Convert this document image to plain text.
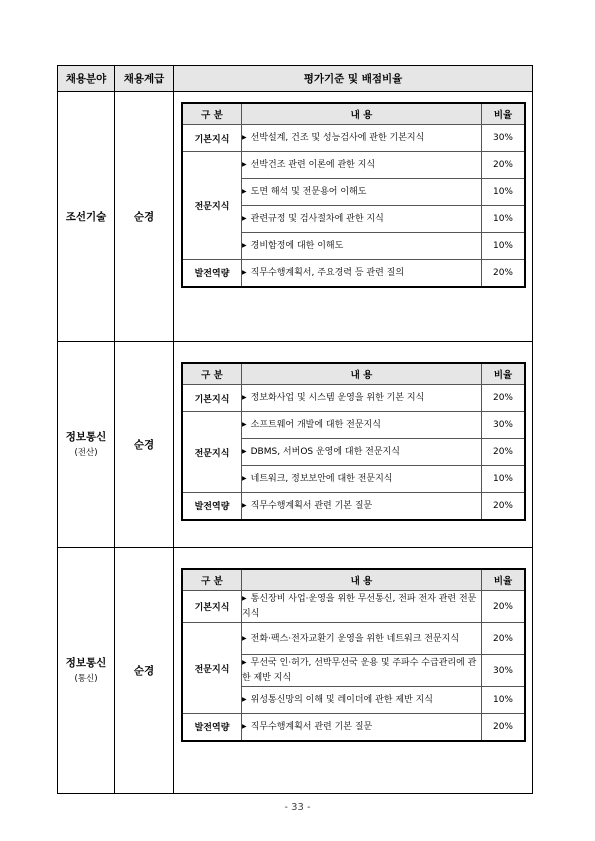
채용분야	채용계급	평가기준 및 배점비율
조선기술	순경	
구 분	내 용	비율
기본지식	▶ 선박설계, 건조 및 성능검사에 관한 기본지식	30%
전문지식	▶ 선박건조 관련 이론에 관한 지식	20%
▶ 도면 해석 및 전문용어 이해도	10%
▶ 관련규정 및 검사절차에 관한 지식	10%
▶ 경비함정에 대한 이해도	10%
발전역량	▶ 직무수행계획서, 주요경력 등 관련 질의	20%

정보통신
(전산)
	순경	
구 분	내 용	비율
기본지식	▶ 정보화사업 및 시스템 운영을 위한 기본 지식	20%
전문지식	▶ 소프트웨어 개발에 대한 전문지식	30%
▶ DBMS, 서버OS 운영에 대한 전문지식	20%
▶ 네트워크, 정보보안에 대한 전문지식	10%
발전역량	▶ 직무수행계획서 관련 기본 질문	20%

정보통신
(통신)
	순경	
구 분	내 용	비율
기본지식	▶ 통신장비 사업·운영을 위한 무선통신, 전파 전자 관련 전문지식	20%
전문지식	▶ 전화·팩스·전자교환기 운영을 위한 네트워크 전문지식	20%
▶ 무선국 인·허가, 선박무선국 운용 및 주파수 수급관리에 관한 제반 지식	30%
▶ 위성통신망의 이해 및 레이더에 관한 제반 지식	10%
발전역량	▶ 직무수행계획서 관련 기본 질문	20%
- 33 -
